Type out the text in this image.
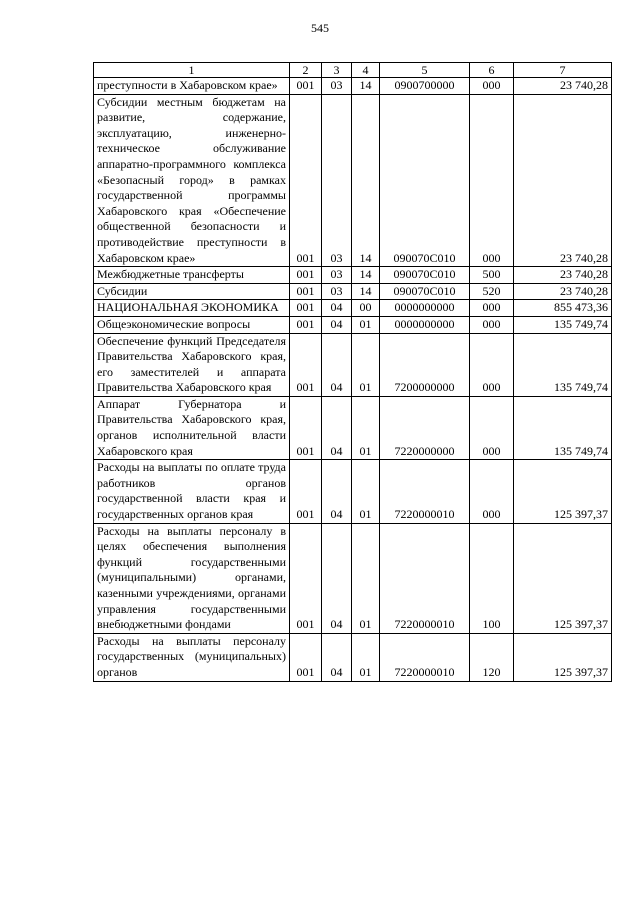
545
1	2	3	4	5	6	7
преступности в Хабаровском крае»	001	03	14	0900700000	000	23 740,28
Субсидии местным бюджетам на развитие, содержание, эксплуатацию, инженерно-техническое обслуживание аппаратно-программного комплекса «Безопасный город» в рамках государственной программы Хабаровского края «Обеспечение общественной безопасности и противодействие преступности в Хабаровском крае»	001	03	14	090070С010	000	23 740,28
Межбюджетные трансферты	001	03	14	090070С010	500	23 740,28
Субсидии	001	03	14	090070С010	520	23 740,28
НАЦИОНАЛЬНАЯ ЭКОНОМИКА	001	04	00	0000000000	000	855 473,36
Общеэкономические вопросы	001	04	01	0000000000	000	135 749,74
Обеспечение функций Председателя Правительства Хабаровского края, его заместителей и аппарата Правительства Хабаровского края	001	04	01	7200000000	000	135 749,74
Аппарат Губернатора и Правительства Хабаровского края, органов исполнительной власти Хабаровского края	001	04	01	7220000000	000	135 749,74
Расходы на выплаты по оплате труда работников органов государственной власти края и государственных органов края	001	04	01	7220000010	000	125 397,37
Расходы на выплаты персоналу в целях обеспечения выполнения функций государственными (муниципальными) органами, казенными учреждениями, органами управления государственными внебюджетными фондами	001	04	01	7220000010	100	125 397,37
Расходы на выплаты персоналу государственных (муниципальных) органов	001	04	01	7220000010	120	125 397,37
